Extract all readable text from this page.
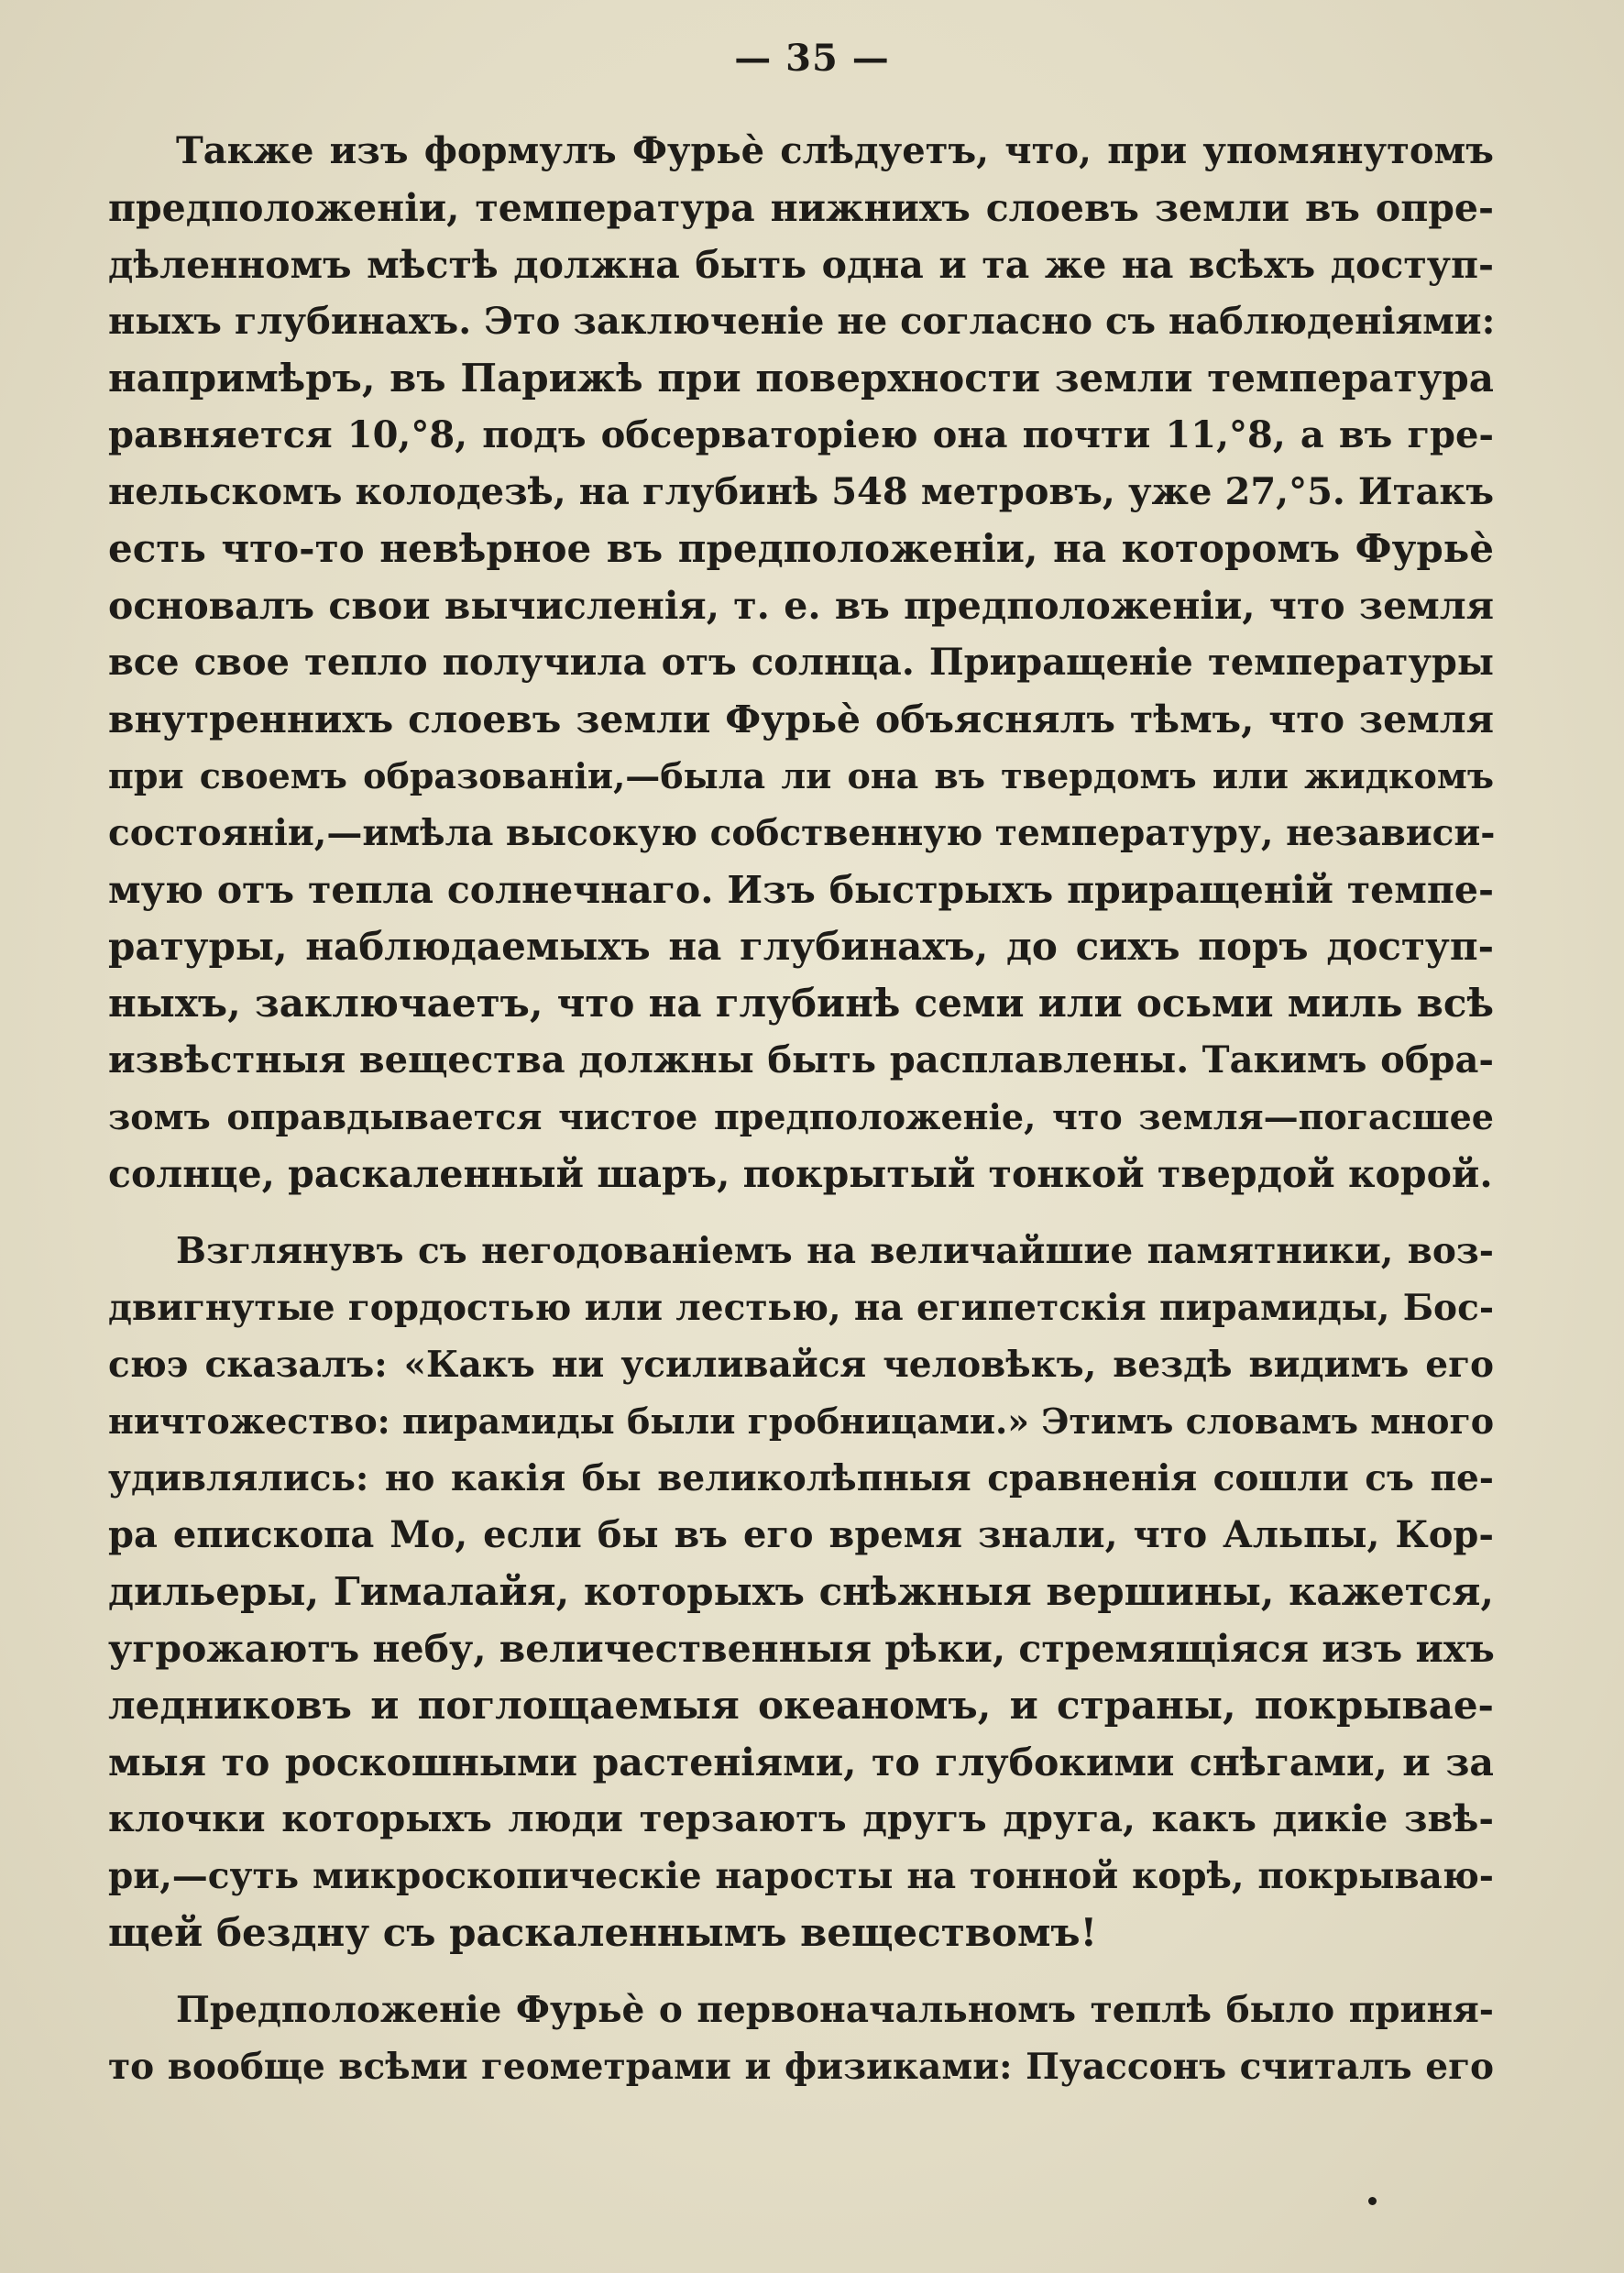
— 35 —
Также изъ формулъ Фурьѐ слѣдуетъ, что, при упомянутомъ
предположенiи, температура нижнихъ слоевъ земли въ опре-
дѣленномъ мѣстѣ должна быть одна и та же на всѣхъ доступ-
ныхъ глубинахъ. Это заключенiе не согласно съ наблюденiями:
напримѣръ, въ Парижѣ при поверхности земли температура
равняется 10,°8, подъ обсерваторiею она почти 11,°8, а въ гре-
нельскомъ колодезѣ, на глубинѣ 548 метровъ, уже 27,°5. Итакъ
есть что-то невѣрное въ предположенiи, на которомъ Фурьѐ
основалъ свои вычисленiя, т. е. въ предположенiи, что земля
все свое тепло получила отъ солнца. Приращенiе температуры
внутреннихъ слоевъ земли Фурьѐ объяснялъ тѣмъ, что земля
при своемъ образованiи,—была ли она въ твердомъ или жидкомъ
состоянiи,—имѣла высокую собственную температуру, независи-
мую отъ тепла солнечнаго. Изъ быстрыхъ приращенiй темпе-
ратуры, наблюдаемыхъ на глубинахъ, до сихъ поръ доступ-
ныхъ, заключаетъ, что на глубинѣ семи или осьми миль всѣ
извѣстныя вещества должны быть расплавлены. Такимъ обра-
зомъ оправдывается чистое предположенiе, что земля—погасшее
солнце, раскаленный шаръ, покрытый тонкой твердой корой.
Взглянувъ съ негодованiемъ на величайшие памятники, воз-
двигнутые гордостью или лестью, на египетскiя пирамиды, Бос-
сюэ сказалъ: «Какъ ни усиливайся человѣкъ, вездѣ видимъ его
ничтожество: пирамиды были гробницами.» Этимъ словамъ много
удивлялись: но какiя бы великолѣпныя сравненiя сошли съ пе-
ра епископа Мо, если бы въ его время знали, что Альпы, Кор-
дильеры, Гималайя, которыхъ снѣжныя вершины, кажется,
угрожаютъ небу, величественныя рѣки, стремящiяся изъ ихъ
ледниковъ и поглощаемыя океаномъ, и страны, покрывае-
мыя то роскошными растенiями, то глубокими снѣгами, и за
клочки которыхъ люди терзаютъ другъ друга, какъ дикiе звѣ-
ри,—суть микроскопическiе наросты на тонной корѣ, покрываю-
щей бездну съ раскаленнымъ веществомъ!
Предположенiе Фурьѐ о первоначальномъ теплѣ было приня-
то вообще всѣми геометрами и физиками: Пуассонъ считалъ его
